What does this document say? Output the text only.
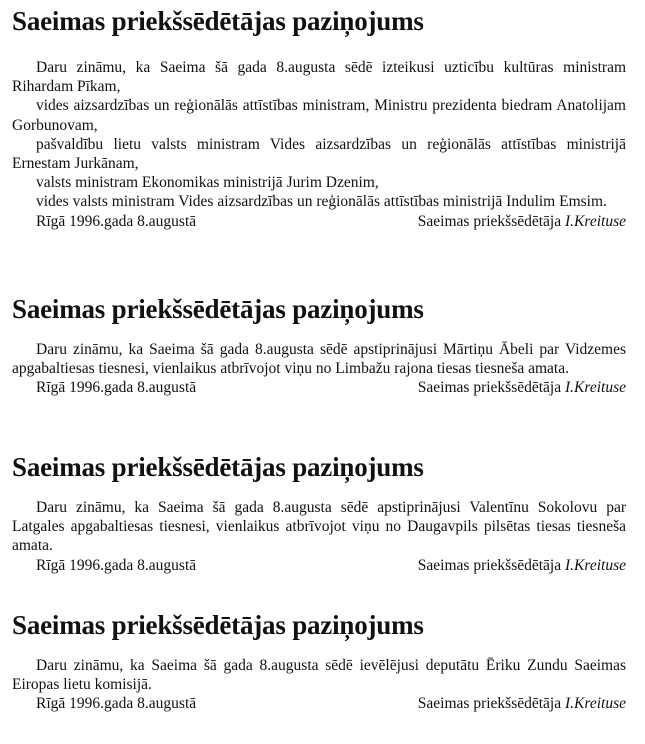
Saeimas priekšsēdētājas paziņojums
Daru zināmu, ka Saeima šā gada 8.augusta sēdē izteikusi uzticību kultūras ministram Rihardam Pīkam,
vides aizsardzības un reģionālās attīstības ministram, Ministru prezidenta biedram Anatolijam Gorbunovam,
pašvaldību lietu valsts ministram Vides aizsardzības un reģionālās attīstības ministrijā Ernestam Jurkānam,
valsts ministram Ekonomikas ministrijā Jurim Dzenim,
vides valsts ministram Vides aizsardzības un reģionālās attīstības ministrijā Indulim Emsim.
Rīgā 1996.gada 8.augustā	Saeimas priekšsēdētāja I.Kreituse
Saeimas priekšsēdētājas paziņojums
Daru zināmu, ka Saeima šā gada 8.augusta sēdē apstiprinājusi Mārtiņu Ābeli par Vidzemes apgabaltiesas tiesnesi, vienlaikus atbrīvojot viņu no Limbažu rajona tiesas tiesneša amata.
Rīgā 1996.gada 8.augustā	Saeimas priekšsēdētāja I.Kreituse
Saeimas priekšsēdētājas paziņojums
Daru zināmu, ka Saeima šā gada 8.augusta sēdē apstiprinājusi Valentīnu Sokolovu par Latgales apgabaltiesas tiesnesi, vienlaikus atbrīvojot viņu no Daugavpils pilsētas tiesas tiesneša amata.
Rīgā 1996.gada 8.augustā	Saeimas priekšsēdētāja I.Kreituse
Saeimas priekšsēdētājas paziņojums
Daru zināmu, ka Saeima šā gada 8.augusta sēdē ievēlējusi deputātu Ēriku Zundu Saeimas Eiropas lietu komisijā.
Rīgā 1996.gada 8.augustā	Saeimas priekšsēdētāja I.Kreituse
